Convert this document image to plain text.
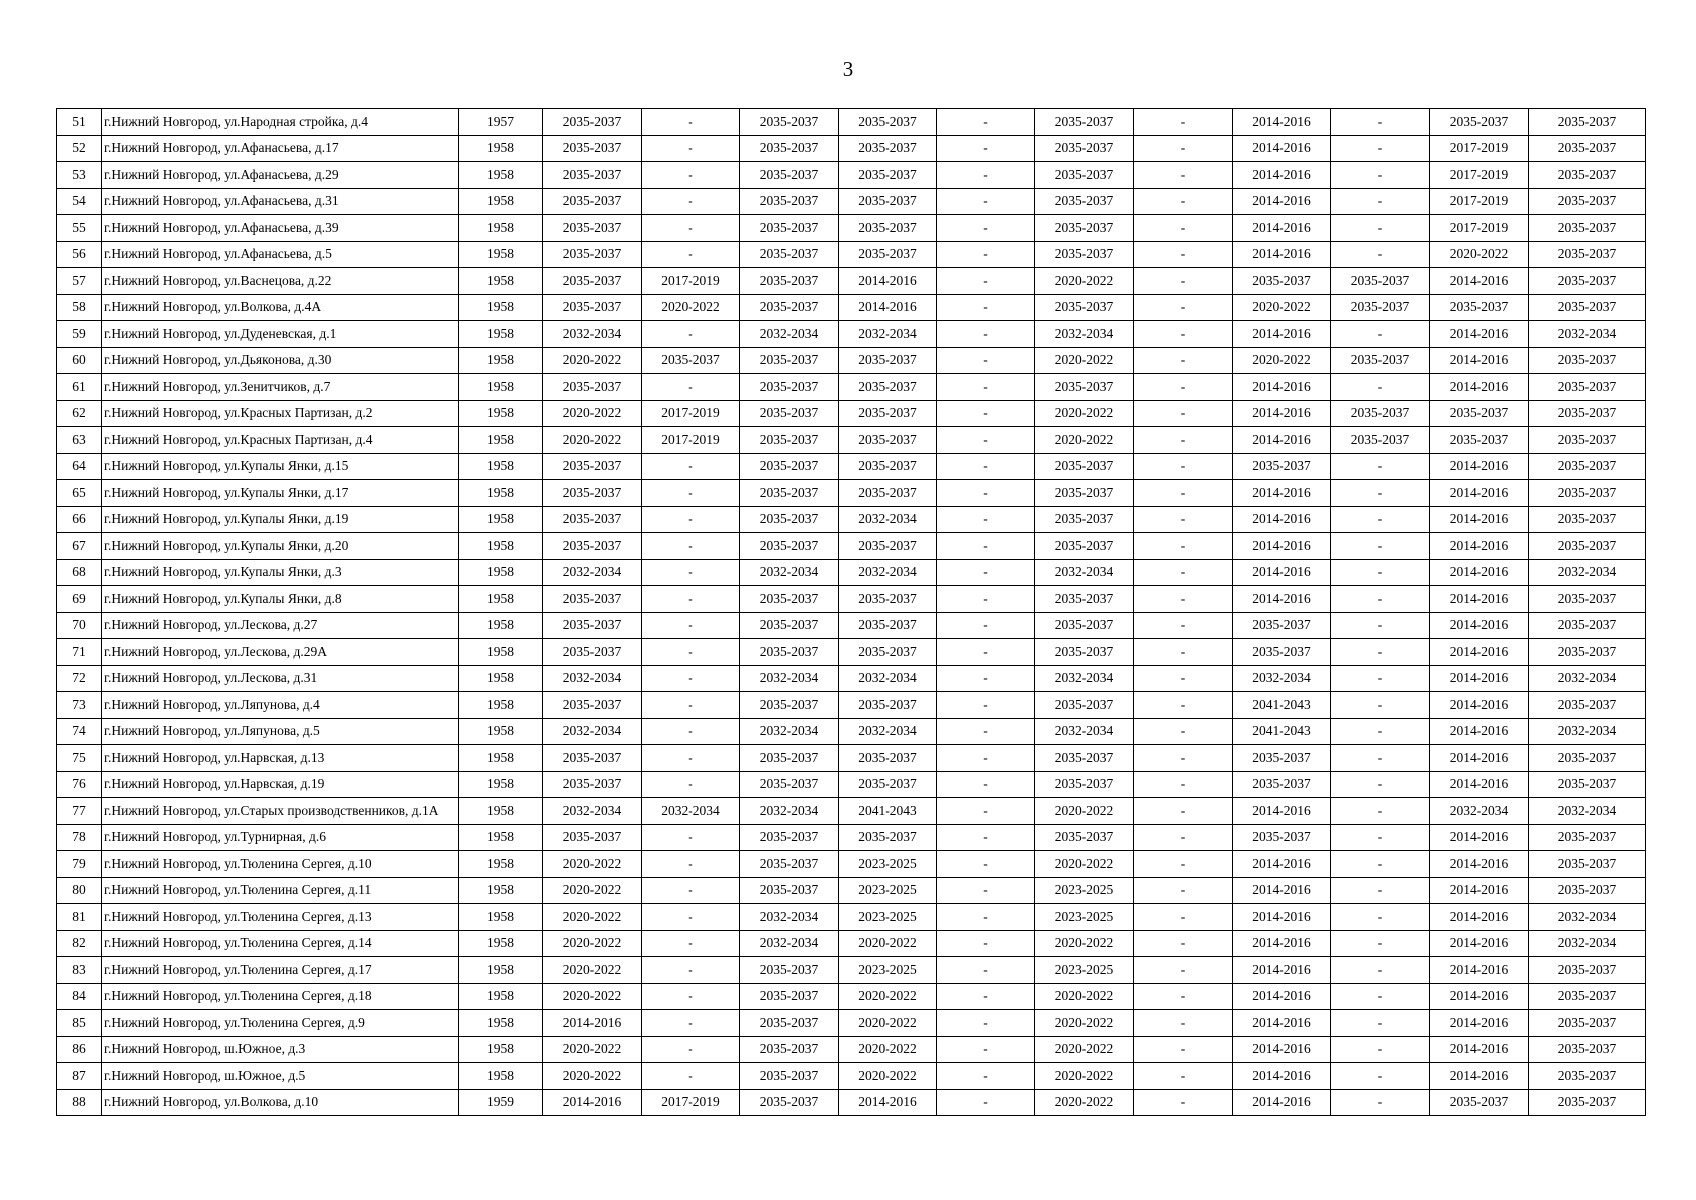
3
51	г.Нижний Новгород, ул.Народная стройка, д.4	1957	2035-2037	-	2035-2037	2035-2037	-	2035-2037	-	2014-2016	-	2035-2037	2035-2037
52	г.Нижний Новгород, ул.Афанасьева, д.17	1958	2035-2037	-	2035-2037	2035-2037	-	2035-2037	-	2014-2016	-	2017-2019	2035-2037
53	г.Нижний Новгород, ул.Афанасьева, д.29	1958	2035-2037	-	2035-2037	2035-2037	-	2035-2037	-	2014-2016	-	2017-2019	2035-2037
54	г.Нижний Новгород, ул.Афанасьева, д.31	1958	2035-2037	-	2035-2037	2035-2037	-	2035-2037	-	2014-2016	-	2017-2019	2035-2037
55	г.Нижний Новгород, ул.Афанасьева, д.39	1958	2035-2037	-	2035-2037	2035-2037	-	2035-2037	-	2014-2016	-	2017-2019	2035-2037
56	г.Нижний Новгород, ул.Афанасьева, д.5	1958	2035-2037	-	2035-2037	2035-2037	-	2035-2037	-	2014-2016	-	2020-2022	2035-2037
57	г.Нижний Новгород, ул.Васнецова, д.22	1958	2035-2037	2017-2019	2035-2037	2014-2016	-	2020-2022	-	2035-2037	2035-2037	2014-2016	2035-2037
58	г.Нижний Новгород, ул.Волкова, д.4А	1958	2035-2037	2020-2022	2035-2037	2014-2016	-	2035-2037	-	2020-2022	2035-2037	2035-2037	2035-2037
59	г.Нижний Новгород, ул.Дуденевская, д.1	1958	2032-2034	-	2032-2034	2032-2034	-	2032-2034	-	2014-2016	-	2014-2016	2032-2034
60	г.Нижний Новгород, ул.Дьяконова, д.30	1958	2020-2022	2035-2037	2035-2037	2035-2037	-	2020-2022	-	2020-2022	2035-2037	2014-2016	2035-2037
61	г.Нижний Новгород, ул.Зенитчиков, д.7	1958	2035-2037	-	2035-2037	2035-2037	-	2035-2037	-	2014-2016	-	2014-2016	2035-2037
62	г.Нижний Новгород, ул.Красных Партизан, д.2	1958	2020-2022	2017-2019	2035-2037	2035-2037	-	2020-2022	-	2014-2016	2035-2037	2035-2037	2035-2037
63	г.Нижний Новгород, ул.Красных Партизан, д.4	1958	2020-2022	2017-2019	2035-2037	2035-2037	-	2020-2022	-	2014-2016	2035-2037	2035-2037	2035-2037
64	г.Нижний Новгород, ул.Купалы Янки, д.15	1958	2035-2037	-	2035-2037	2035-2037	-	2035-2037	-	2035-2037	-	2014-2016	2035-2037
65	г.Нижний Новгород, ул.Купалы Янки, д.17	1958	2035-2037	-	2035-2037	2035-2037	-	2035-2037	-	2014-2016	-	2014-2016	2035-2037
66	г.Нижний Новгород, ул.Купалы Янки, д.19	1958	2035-2037	-	2035-2037	2032-2034	-	2035-2037	-	2014-2016	-	2014-2016	2035-2037
67	г.Нижний Новгород, ул.Купалы Янки, д.20	1958	2035-2037	-	2035-2037	2035-2037	-	2035-2037	-	2014-2016	-	2014-2016	2035-2037
68	г.Нижний Новгород, ул.Купалы Янки, д.3	1958	2032-2034	-	2032-2034	2032-2034	-	2032-2034	-	2014-2016	-	2014-2016	2032-2034
69	г.Нижний Новгород, ул.Купалы Янки, д.8	1958	2035-2037	-	2035-2037	2035-2037	-	2035-2037	-	2014-2016	-	2014-2016	2035-2037
70	г.Нижний Новгород, ул.Лескова, д.27	1958	2035-2037	-	2035-2037	2035-2037	-	2035-2037	-	2035-2037	-	2014-2016	2035-2037
71	г.Нижний Новгород, ул.Лескова, д.29А	1958	2035-2037	-	2035-2037	2035-2037	-	2035-2037	-	2035-2037	-	2014-2016	2035-2037
72	г.Нижний Новгород, ул.Лескова, д.31	1958	2032-2034	-	2032-2034	2032-2034	-	2032-2034	-	2032-2034	-	2014-2016	2032-2034
73	г.Нижний Новгород, ул.Ляпунова, д.4	1958	2035-2037	-	2035-2037	2035-2037	-	2035-2037	-	2041-2043	-	2014-2016	2035-2037
74	г.Нижний Новгород, ул.Ляпунова, д.5	1958	2032-2034	-	2032-2034	2032-2034	-	2032-2034	-	2041-2043	-	2014-2016	2032-2034
75	г.Нижний Новгород, ул.Нарвская, д.13	1958	2035-2037	-	2035-2037	2035-2037	-	2035-2037	-	2035-2037	-	2014-2016	2035-2037
76	г.Нижний Новгород, ул.Нарвская, д.19	1958	2035-2037	-	2035-2037	2035-2037	-	2035-2037	-	2035-2037	-	2014-2016	2035-2037
77	г.Нижний Новгород, ул.Старых производственников, д.1А	1958	2032-2034	2032-2034	2032-2034	2041-2043	-	2020-2022	-	2014-2016	-	2032-2034	2032-2034
78	г.Нижний Новгород, ул.Турнирная, д.6	1958	2035-2037	-	2035-2037	2035-2037	-	2035-2037	-	2035-2037	-	2014-2016	2035-2037
79	г.Нижний Новгород, ул.Тюленина Сергея, д.10	1958	2020-2022	-	2035-2037	2023-2025	-	2020-2022	-	2014-2016	-	2014-2016	2035-2037
80	г.Нижний Новгород, ул.Тюленина Сергея, д.11	1958	2020-2022	-	2035-2037	2023-2025	-	2023-2025	-	2014-2016	-	2014-2016	2035-2037
81	г.Нижний Новгород, ул.Тюленина Сергея, д.13	1958	2020-2022	-	2032-2034	2023-2025	-	2023-2025	-	2014-2016	-	2014-2016	2032-2034
82	г.Нижний Новгород, ул.Тюленина Сергея, д.14	1958	2020-2022	-	2032-2034	2020-2022	-	2020-2022	-	2014-2016	-	2014-2016	2032-2034
83	г.Нижний Новгород, ул.Тюленина Сергея, д.17	1958	2020-2022	-	2035-2037	2023-2025	-	2023-2025	-	2014-2016	-	2014-2016	2035-2037
84	г.Нижний Новгород, ул.Тюленина Сергея, д.18	1958	2020-2022	-	2035-2037	2020-2022	-	2020-2022	-	2014-2016	-	2014-2016	2035-2037
85	г.Нижний Новгород, ул.Тюленина Сергея, д.9	1958	2014-2016	-	2035-2037	2020-2022	-	2020-2022	-	2014-2016	-	2014-2016	2035-2037
86	г.Нижний Новгород, ш.Южное, д.3	1958	2020-2022	-	2035-2037	2020-2022	-	2020-2022	-	2014-2016	-	2014-2016	2035-2037
87	г.Нижний Новгород, ш.Южное, д.5	1958	2020-2022	-	2035-2037	2020-2022	-	2020-2022	-	2014-2016	-	2014-2016	2035-2037
88	г.Нижний Новгород, ул.Волкова, д.10	1959	2014-2016	2017-2019	2035-2037	2014-2016	-	2020-2022	-	2014-2016	-	2035-2037	2035-2037
